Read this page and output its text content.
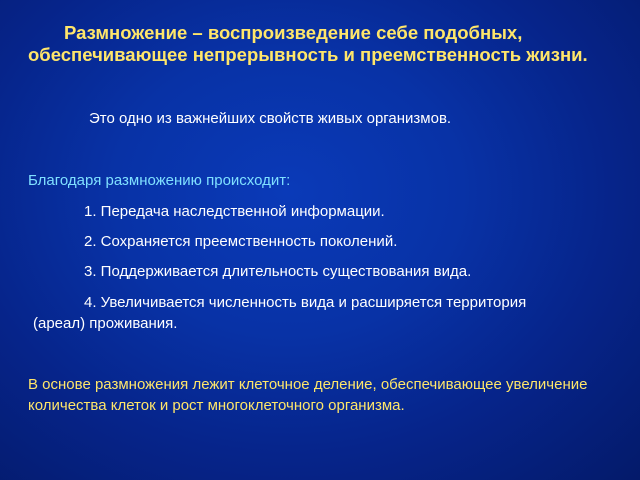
Размножение – воспроизведение себе подобных, обеспечивающее непрерывность и преемственность жизни.

Это одно из важнейших свойств живых организмов.

Благодаря размножению происходит:

1. Передача наследственной информации.

2. Сохраняется преемственность поколений.

3. Поддерживается длительность существования вида.

4. Увеличивается численность вида и расширяется территория

(ареал) проживания.

В основе размножения лежит клеточное деление, обеспечивающее увеличение количества клеток и рост многоклеточного организма.
